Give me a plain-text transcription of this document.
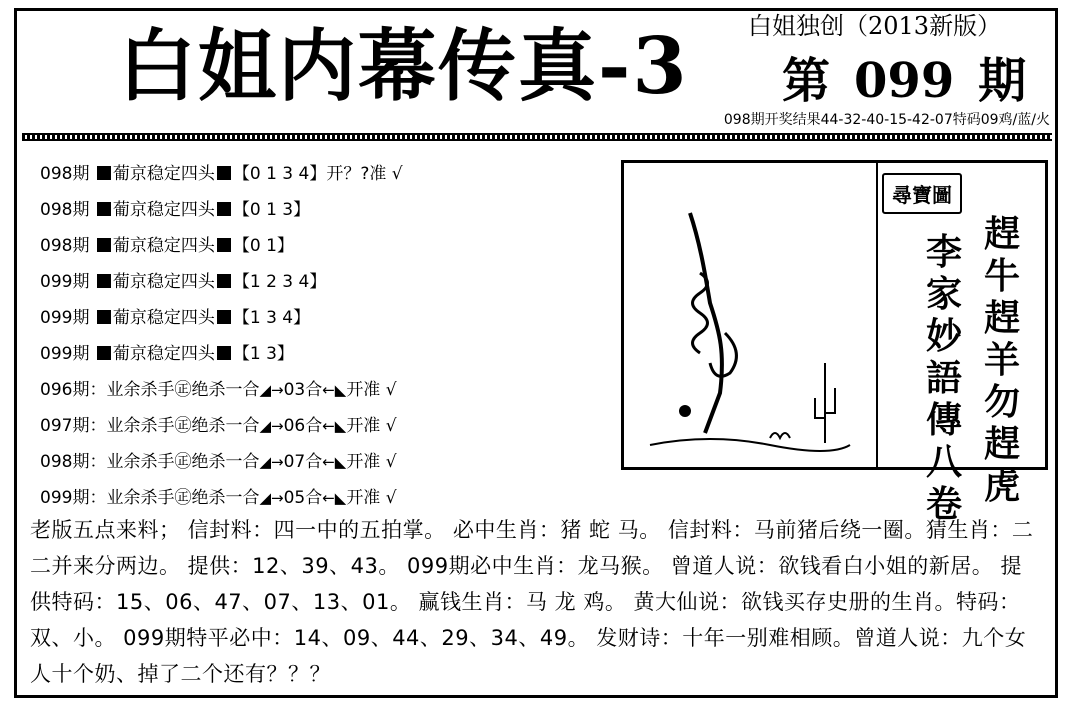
白姐内幕传真-3 白姐独创（2013新版）
第 099 期
098期开奖结果44-32-40-15-42-07特码09鸡/蓝/火
098期 葡京稳定四头 【0 1 3 4】开？?准 √
098期 葡京稳定四头 【0 1 3】
098期 葡京稳定四头 【0 1】
099期 葡京稳定四头 【1 2 3 4】
099期 葡京稳定四头 【1 3 4】
099期 葡京稳定四头 【1 3】
096期：业余杀手㊣绝杀一合◢→03合←◣开准 √
097期：业余杀手㊣绝杀一合◢→06合←◣开准 √
098期：业余杀手㊣绝杀一合◢→07合←◣开准 √
099期：业余杀手㊣绝杀一合◢→05合←◣开准 √
尋寶圖
趕牛趕羊勿趕虎
李家妙語傳八卷
老版五点来料； 信封料：四一中的五拍掌。 必中生肖：猪 蛇 马。 信封料：马前猪后绕一圈。猜生肖：二二并来分两边。 提供：12、39、43。 099期必中生肖：龙马猴。 曾道人说：欲钱看白小姐的新居。 提供特码：15、06、47、07、13、01。 赢钱生肖：马 龙 鸡。 黄大仙说：欲钱买存史册的生肖。特码：双、小。 099期特平必中：14、09、44、29、34、49。 发财诗：十年一别难相顾。曾道人说：九个女人十个奶、掉了二个还有？？？
